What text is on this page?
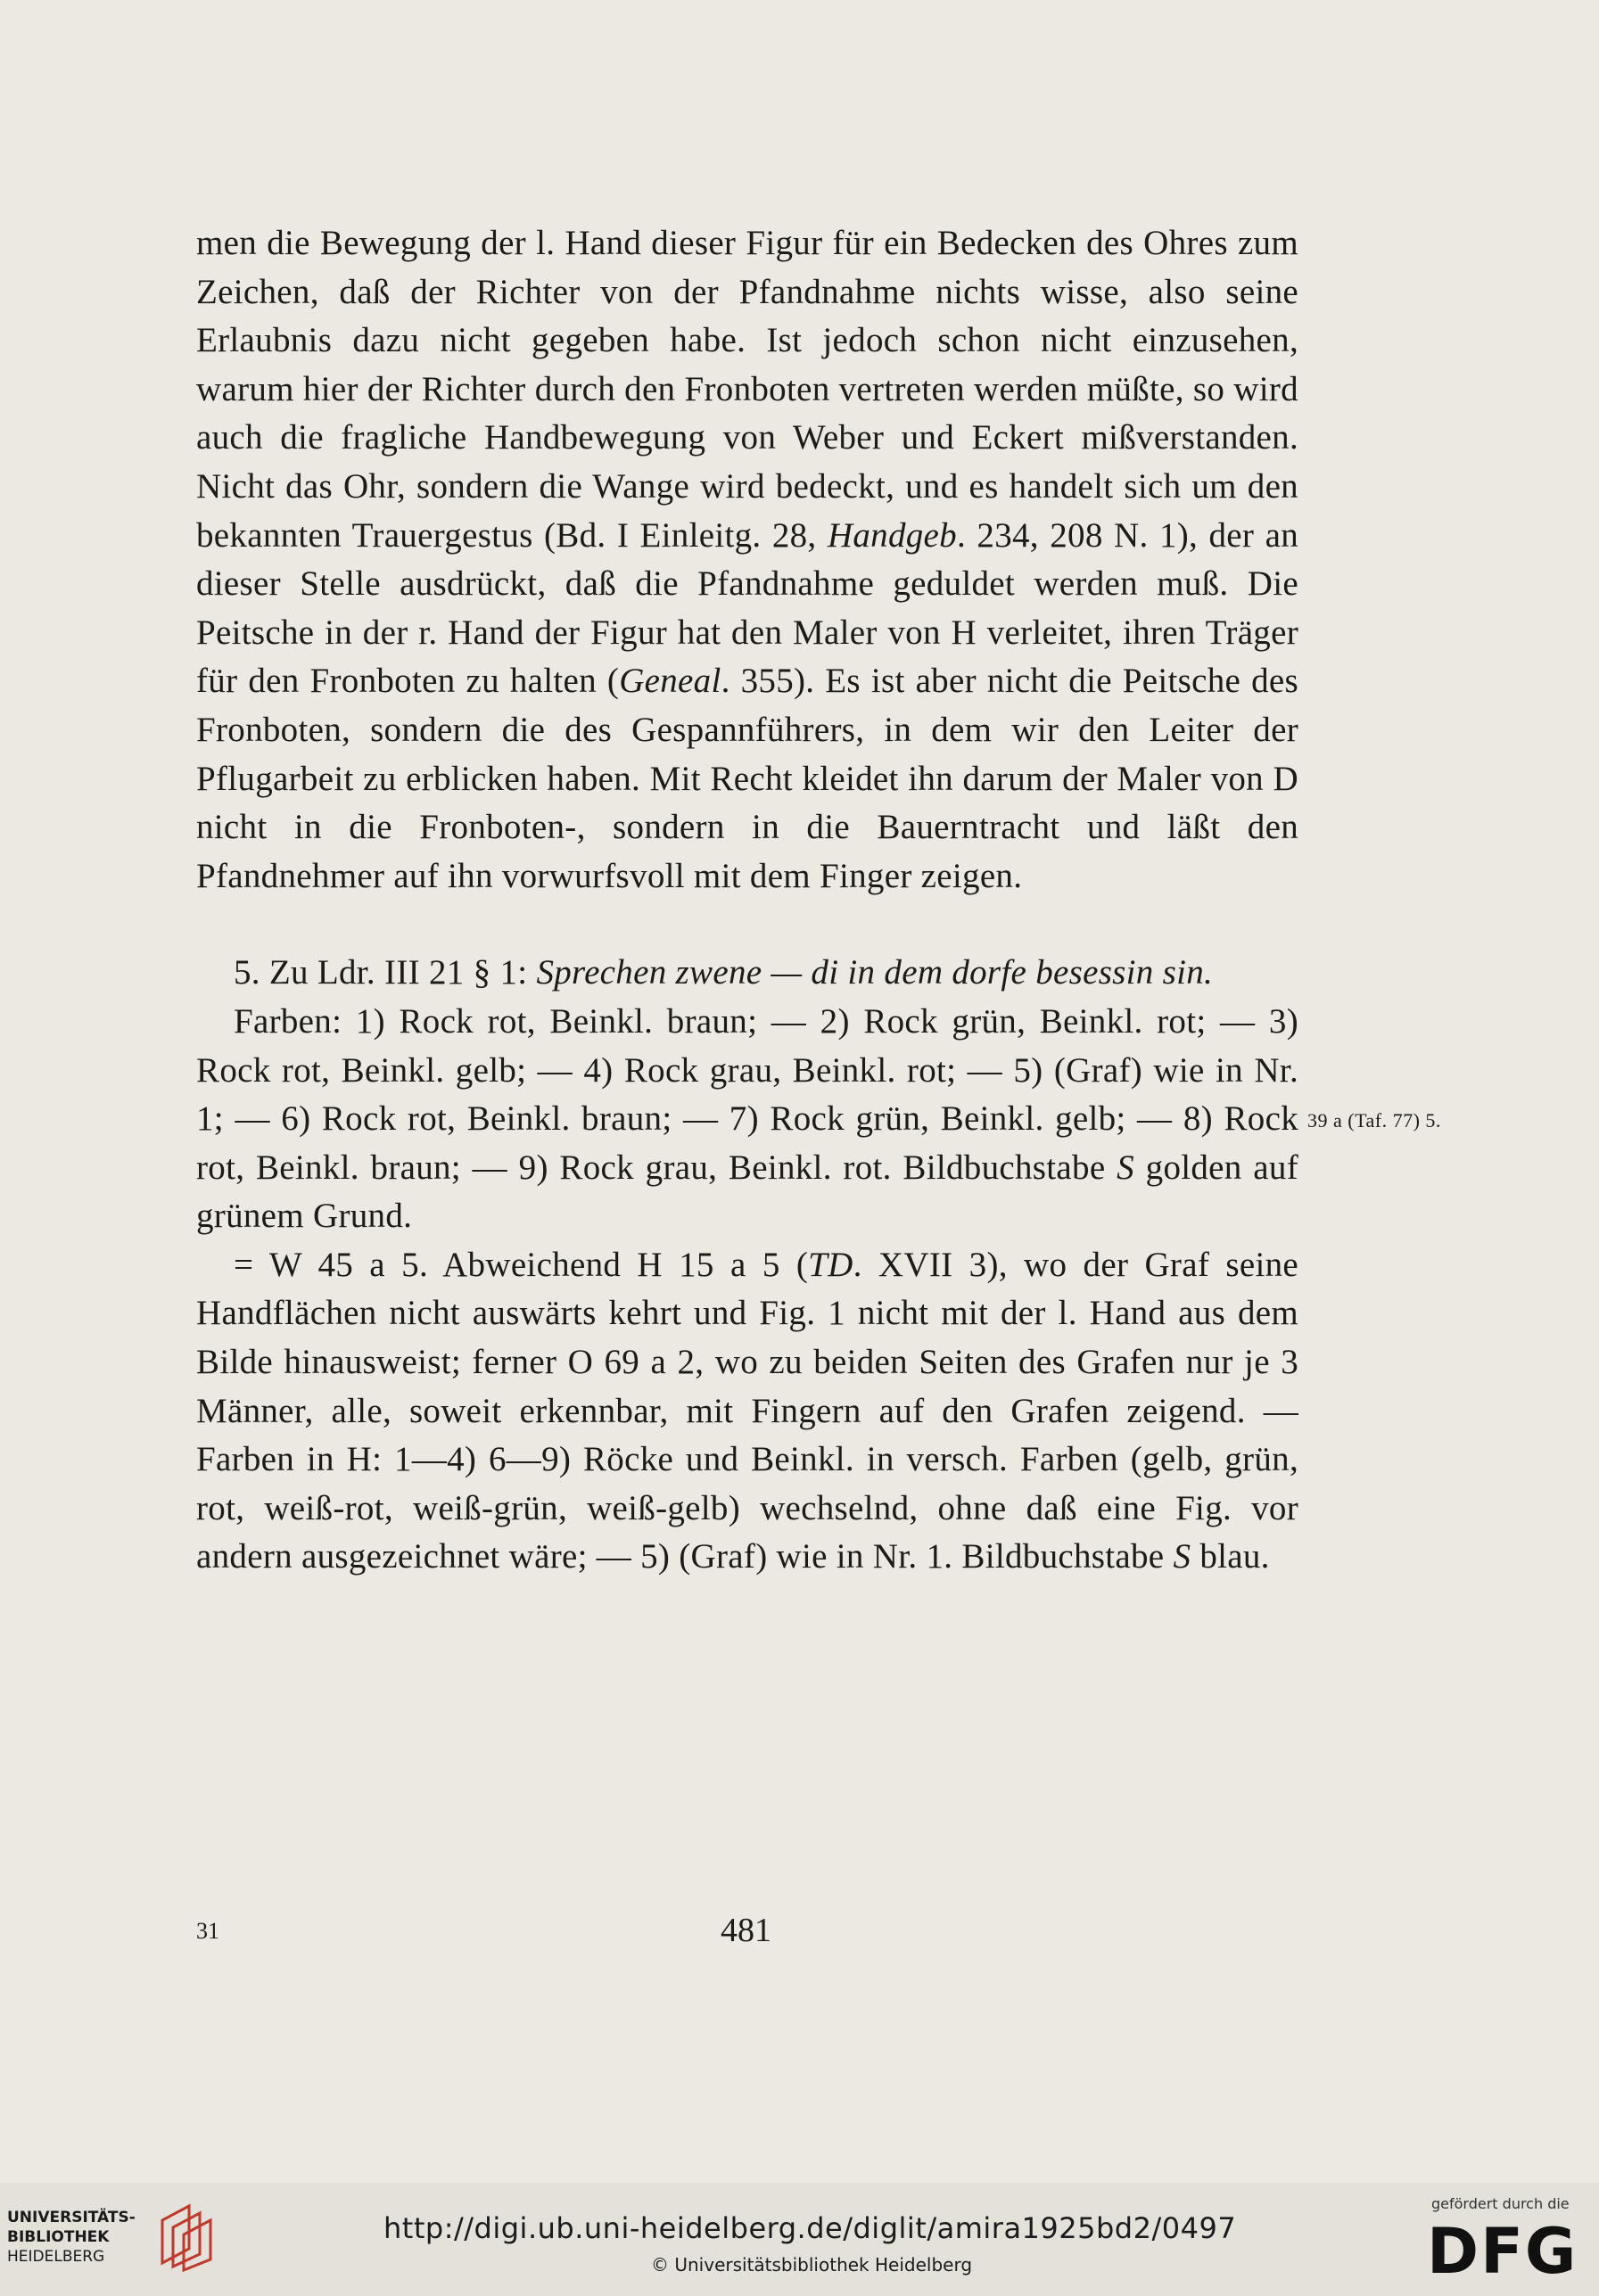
men die Bewegung der l. Hand dieser Figur für ein Bedecken des Ohres zum Zeichen, daß der Richter von der Pfandnahme nichts wisse, also seine Erlaubnis dazu nicht gegeben habe. Ist jedoch schon nicht einzusehen, warum hier der Richter durch den Fronboten vertreten werden müßte, so wird auch die fragliche Handbewegung von Weber und Eckert mißverstanden. Nicht das Ohr, sondern die Wange wird bedeckt, und es handelt sich um den bekannten Trauergestus (Bd. I Einleitg. 28, Handgeb. 234, 208 N. 1), der an dieser Stelle ausdrückt, daß die Pfandnahme geduldet werden muß. Die Peitsche in der r. Hand der Figur hat den Maler von H verleitet, ihren Träger für den Fronboten zu halten (Geneal. 355). Es ist aber nicht die Peitsche des Fronboten, sondern die des Gespannführers, in dem wir den Leiter der Pflugarbeit zu erblicken haben. Mit Recht kleidet ihn darum der Maler von D nicht in die Fronboten-, sondern in die Bauerntracht und läßt den Pfandnehmer auf ihn vorwurfsvoll mit dem Finger zeigen.

5. Zu Ldr. III 21 § 1: Sprechen zwene — di in dem dorfe besessin sin.

Farben: 1) Rock rot, Beinkl. braun; — 2) Rock grün, Beinkl. rot; — 3) Rock rot, Beinkl. gelb; — 4) Rock grau, Beinkl. rot; — 5) (Graf) wie in Nr. 1; — 6) Rock rot, Beinkl. braun; — 7) Rock grün, Beinkl. gelb; — 8) Rock rot, Beinkl. braun; — 9) Rock grau, Beinkl. rot. Bildbuchstabe S golden auf grünem Grund.

= W 45 a 5. Abweichend H 15 a 5 (TD. XVII 3), wo der Graf seine Handflächen nicht auswärts kehrt und Fig. 1 nicht mit der l. Hand aus dem Bilde hinausweist; ferner O 69 a 2, wo zu beiden Seiten des Grafen nur je 3 Männer, alle, soweit erkennbar, mit Fingern auf den Grafen zeigend. — Farben in H: 1—4) 6—9) Röcke und Beinkl. in versch. Farben (gelb, grün, rot, weiß-rot, weiß-grün, weiß-gelb) wechselnd, ohne daß eine Fig. vor andern ausgezeichnet wäre; — 5) (Graf) wie in Nr. 1. Bildbuchstabe S blau.

39 a (Taf. 77) 5.
31	481
UNIVERSITÄTS-
BIBLIOTHEK
HEIDELBERG
http://digi.ub.uni-heidelberg.de/diglit/amira1925bd2/0497
© Universitätsbibliothek Heidelberg
gefördert durch die
DFG
